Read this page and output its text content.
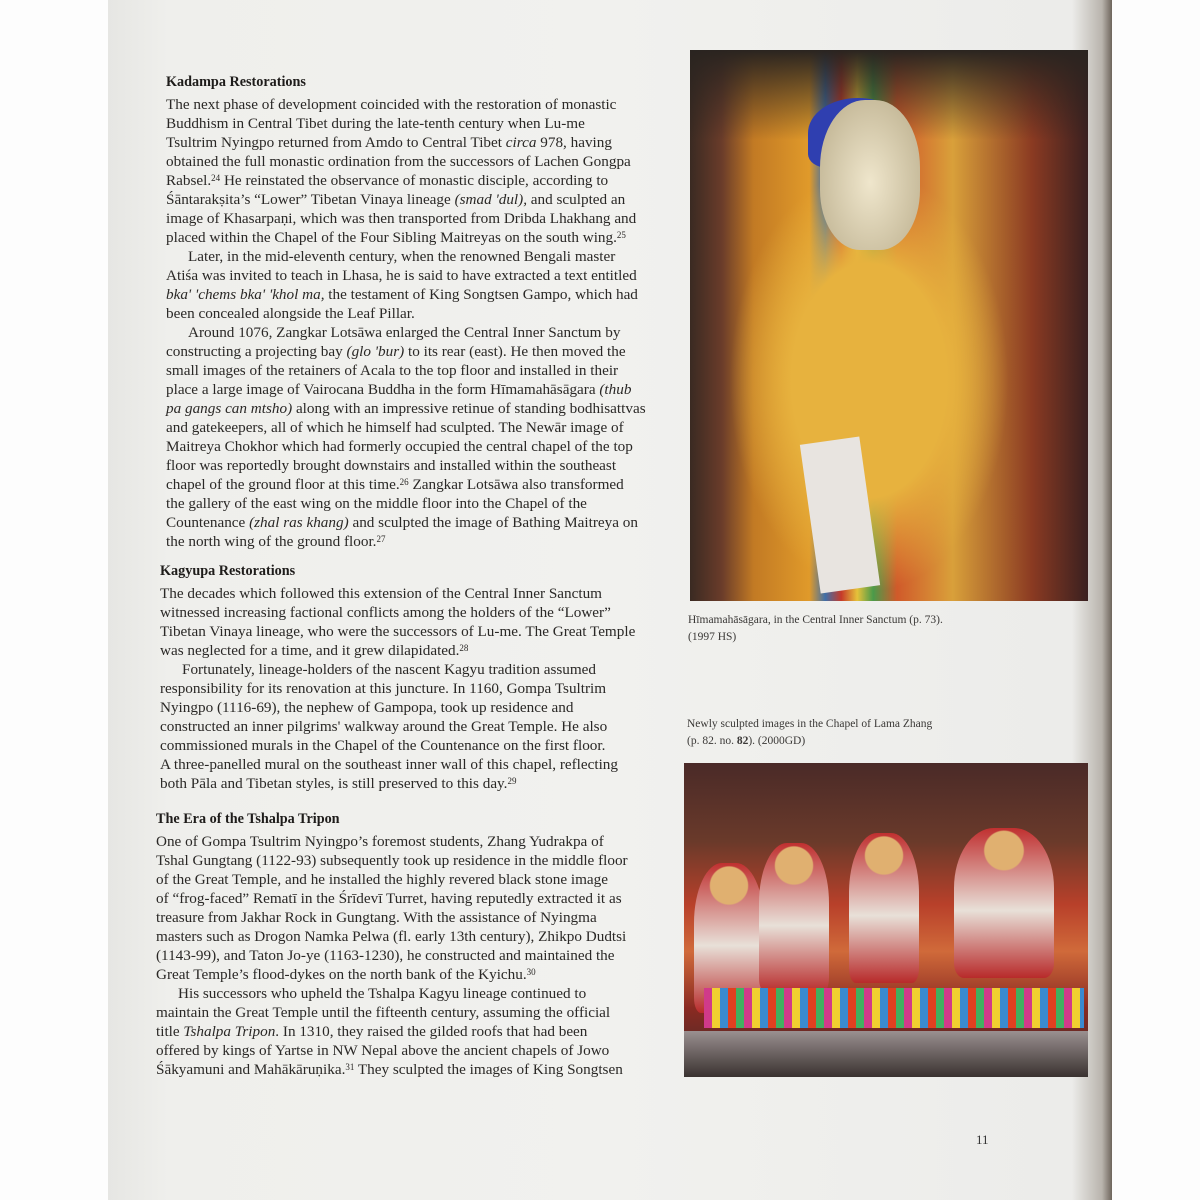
Kadampa Restorations
The next phase of development coincided with the restoration of monastic
Buddhism in Central Tibet during the late-tenth century when Lu-me
Tsultrim Nyingpo returned from Amdo to Central Tibet circa 978, having
obtained the full monastic ordination from the successors of Lachen Gongpa
Rabsel.$^{24}$ He reinstated the observance of monastic disciple, according to
Śāntarakṣita’s “Lower” Tibetan Vinaya lineage (smad 'dul), and sculpted an
image of Khasarpaṇi, which was then transported from Dribda Lhakhang and
placed within the Chapel of the Four Sibling Maitreyas on the south wing.$^{25}$
Later, in the mid-eleventh century, when the renowned Bengali master
Atiśa was invited to teach in Lhasa, he is said to have extracted a text entitled
bka' 'chems bka' 'khol ma, the testament of King Songtsen Gampo, which had
been concealed alongside the Leaf Pillar.
Around 1076, Zangkar Lotsāwa enlarged the Central Inner Sanctum by
constructing a projecting bay (glo 'bur) to its rear (east). He then moved the
small images of the retainers of Acala to the top floor and installed in their
place a large image of Vairocana Buddha in the form Hīmamahāsāgara (thub
pa gangs can mtsho) along with an impressive retinue of standing bodhisattvas
and gatekeepers, all of which he himself had sculpted. The Newār image of
Maitreya Chokhor which had formerly occupied the central chapel of the top
floor was reportedly brought downstairs and installed within the southeast
chapel of the ground floor at this time.$^{26}$ Zangkar Lotsāwa also transformed
the gallery of the east wing on the middle floor into the Chapel of the
Countenance (zhal ras khang) and sculpted the image of Bathing Maitreya on
the north wing of the ground floor.$^{27}$
Kagyupa Restorations
The decades which followed this extension of the Central Inner Sanctum
witnessed increasing factional conflicts among the holders of the “Lower”
Tibetan Vinaya lineage, who were the successors of Lu-me. The Great Temple
was neglected for a time, and it grew dilapidated.$^{28}$
Fortunately, lineage-holders of the nascent Kagyu tradition assumed
responsibility for its renovation at this juncture. In 1160, Gompa Tsultrim
Nyingpo (1116-69), the nephew of Gampopa, took up residence and
constructed an inner pilgrims' walkway around the Great Temple. He also
commissioned murals in the Chapel of the Countenance on the first floor.
A three-panelled mural on the southeast inner wall of this chapel, reflecting
both Pāla and Tibetan styles, is still preserved to this day.$^{29}$
The Era of the Tshalpa Tripon
One of Gompa Tsultrim Nyingpo’s foremost students, Zhang Yudrakpa of
Tshal Gungtang (1122-93) subsequently took up residence in the middle floor
of the Great Temple, and he installed the highly revered black stone image
of “frog-faced” Rematī in the Śrīdevī Turret, having reputedly extracted it as
treasure from Jakhar Rock in Gungtang. With the assistance of Nyingma
masters such as Drogon Namka Pelwa (fl. early 13th century), Zhikpo Dudtsi
(1143-99), and Taton Jo-ye (1163-1230), he constructed and maintained the
Great Temple’s flood-dykes on the north bank of the Kyichu.$^{30}$
His successors who upheld the Tshalpa Kagyu lineage continued to
maintain the Great Temple until the fifteenth century, assuming the official
title Tshalpa Tripon. In 1310, they raised the gilded roofs that had been
offered by kings of Yartse in NW Nepal above the ancient chapels of Jowo
Śākyamuni and Mahākāruṇika.$^{31}$ They sculpted the images of King Songtsen
Hīmamahāsāgara, in the Central Inner Sanctum (p. 73).
(1997 HS)
Newly sculpted images in the Chapel of Lama Zhang
(p. 82. no. 82). (2000GD)
11
